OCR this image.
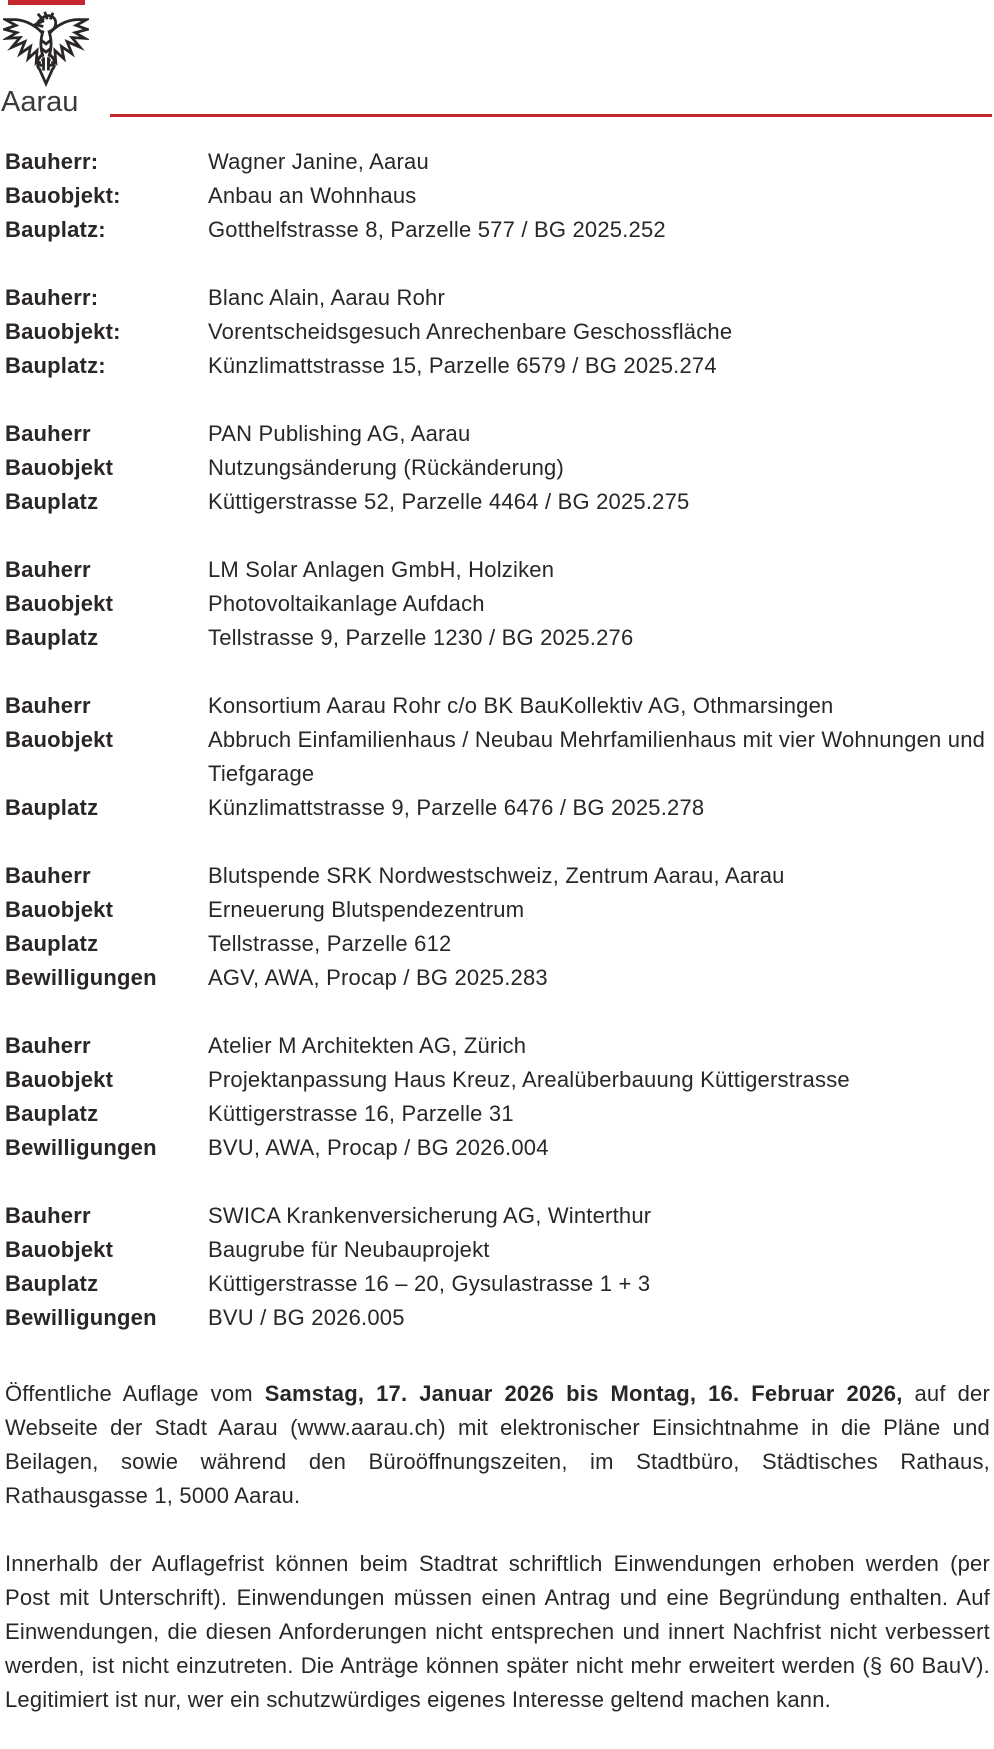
Aarau
Bauherr:	Wagner Janine, Aarau
Bauobjekt:	Anbau an Wohnhaus
Bauplatz:	Gotthelfstrasse 8, Parzelle 577 / BG 2025.252
Bauherr:	Blanc Alain, Aarau Rohr
Bauobjekt:	Vorentscheidsgesuch Anrechenbare Geschossfläche
Bauplatz:	Künzlimattstrasse 15, Parzelle 6579 / BG 2025.274
Bauherr	PAN Publishing AG, Aarau
Bauobjekt	Nutzungsänderung (Rückänderung)
Bauplatz	Küttigerstrasse 52, Parzelle 4464 / BG 2025.275
Bauherr	LM Solar Anlagen GmbH, Holziken
Bauobjekt	Photovoltaikanlage Aufdach
Bauplatz	Tellstrasse 9, Parzelle 1230 / BG 2025.276
Bauherr	Konsortium Aarau Rohr c/o BK BauKollektiv AG, Othmarsingen
Bauobjekt	Abbruch Einfamilienhaus / Neubau Mehrfamilienhaus mit vier Wohnungen und Tiefgarage
Bauplatz	Künzlimattstrasse 9, Parzelle 6476 / BG 2025.278
Bauherr	Blutspende SRK Nordwestschweiz, Zentrum Aarau, Aarau
Bauobjekt	Erneuerung Blutspendezentrum
Bauplatz	Tellstrasse, Parzelle 612
Bewilligungen	AGV, AWA, Procap / BG 2025.283
Bauherr	Atelier M Architekten AG, Zürich
Bauobjekt	Projektanpassung Haus Kreuz, Arealüberbauung Küttigerstrasse
Bauplatz	Küttigerstrasse 16, Parzelle 31
Bewilligungen	BVU, AWA, Procap / BG 2026.004
Bauherr	SWICA Krankenversicherung AG, Winterthur
Bauobjekt	Baugrube für Neubauprojekt
Bauplatz	Küttigerstrasse 16 – 20, Gysulastrasse 1 + 3
Bewilligungen	BVU / BG 2026.005
Öffentliche Auflage vom Samstag, 17. Januar 2026 bis Montag, 16. Februar 2026, auf der Webseite der Stadt Aarau (www.aarau.ch) mit elektronischer Einsichtnahme in die Pläne und Beilagen, sowie während den Büroöffnungszeiten, im Stadtbüro, Städtisches Rathaus, Rathausgasse 1, 5000 Aarau.
Innerhalb der Auflagefrist können beim Stadtrat schriftlich Einwendungen erhoben werden (per Post mit Unterschrift). Einwendungen müssen einen Antrag und eine Begründung enthalten. Auf Einwendungen, die diesen Anforderungen nicht entsprechen und innert Nachfrist nicht verbessert werden, ist nicht einzutreten. Die Anträge können später nicht mehr erweitert werden (§ 60 BauV). Legitimiert ist nur, wer ein schutzwürdiges eigenes Interesse geltend machen kann.
